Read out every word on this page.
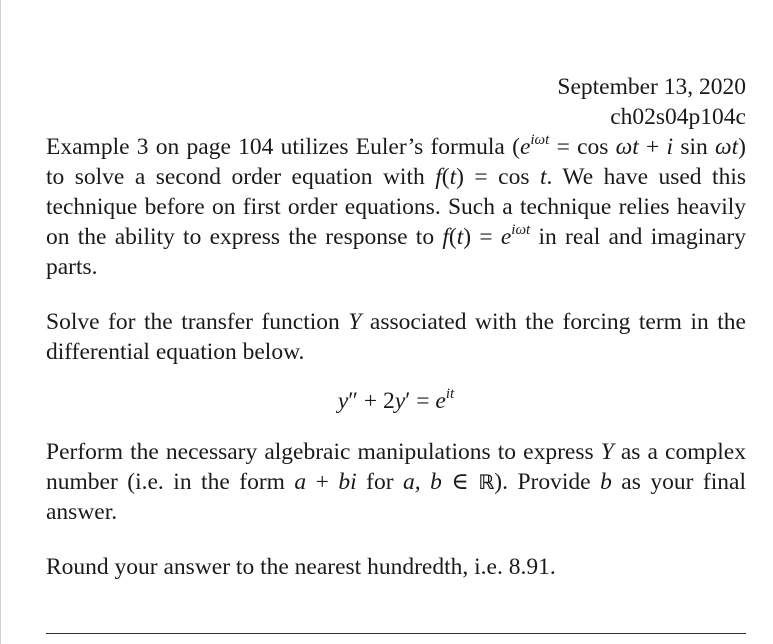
September 13, 2020
ch02s04p104c

Example 3 on page 104 utilizes Euler’s formula ($e^{i\omega t} = \cos \omega t + i$ sin ωt) to solve a second order equation with f(t) = cos t. We have used this technique before on first order equations. Such a technique relies heavily on the ability to express the response to $f(t) = e^{i\omega t}$ in real and imaginary parts.

Solve for the transfer function Y associated with the forcing term in the differential equation below.

$y'' + 2y' = e^{it}$

Perform the necessary algebraic manipulations to express Y as a complex number (i.e. in the form a + bi for a, b ∈ ℝ). Provide b as your final answer.

Round your answer to the nearest hundredth, i.e. 8.91.
